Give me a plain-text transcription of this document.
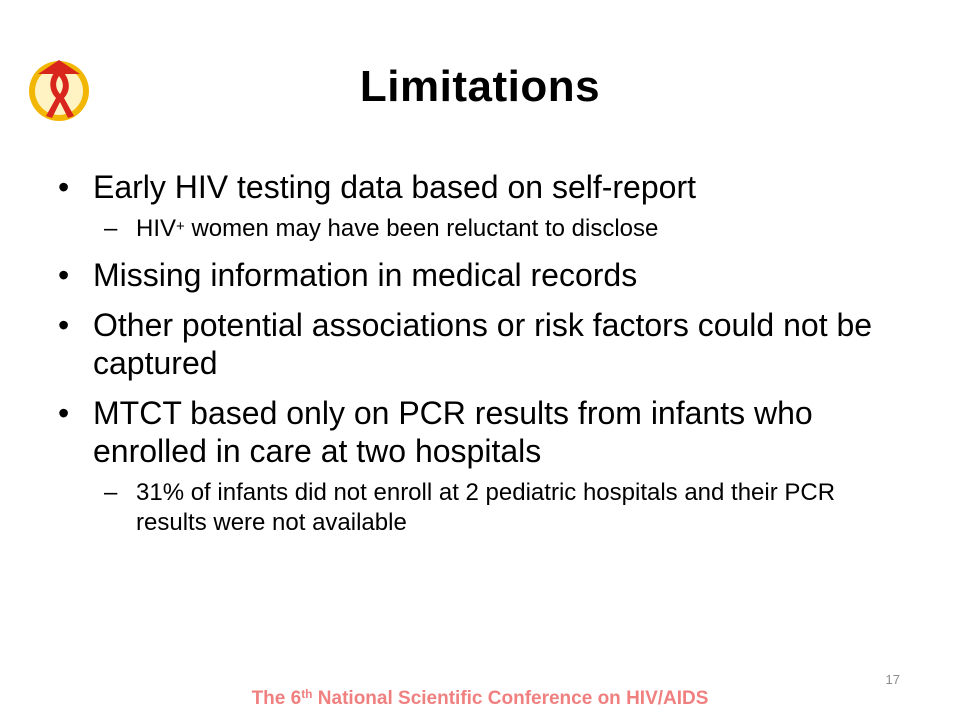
Limitations
• Early HIV testing data based on self-report
– HIV+ women may have been reluctant to disclose
• Missing information in medical records
• Other potential associations or risk factors could not be captured
• MTCT based only on PCR results from infants who enrolled in care at two hospitals
– 31% of infants did not enroll at 2 pediatric hospitals and their PCR results were not available
17
The 6th National Scientific Conference on HIV/AIDS
